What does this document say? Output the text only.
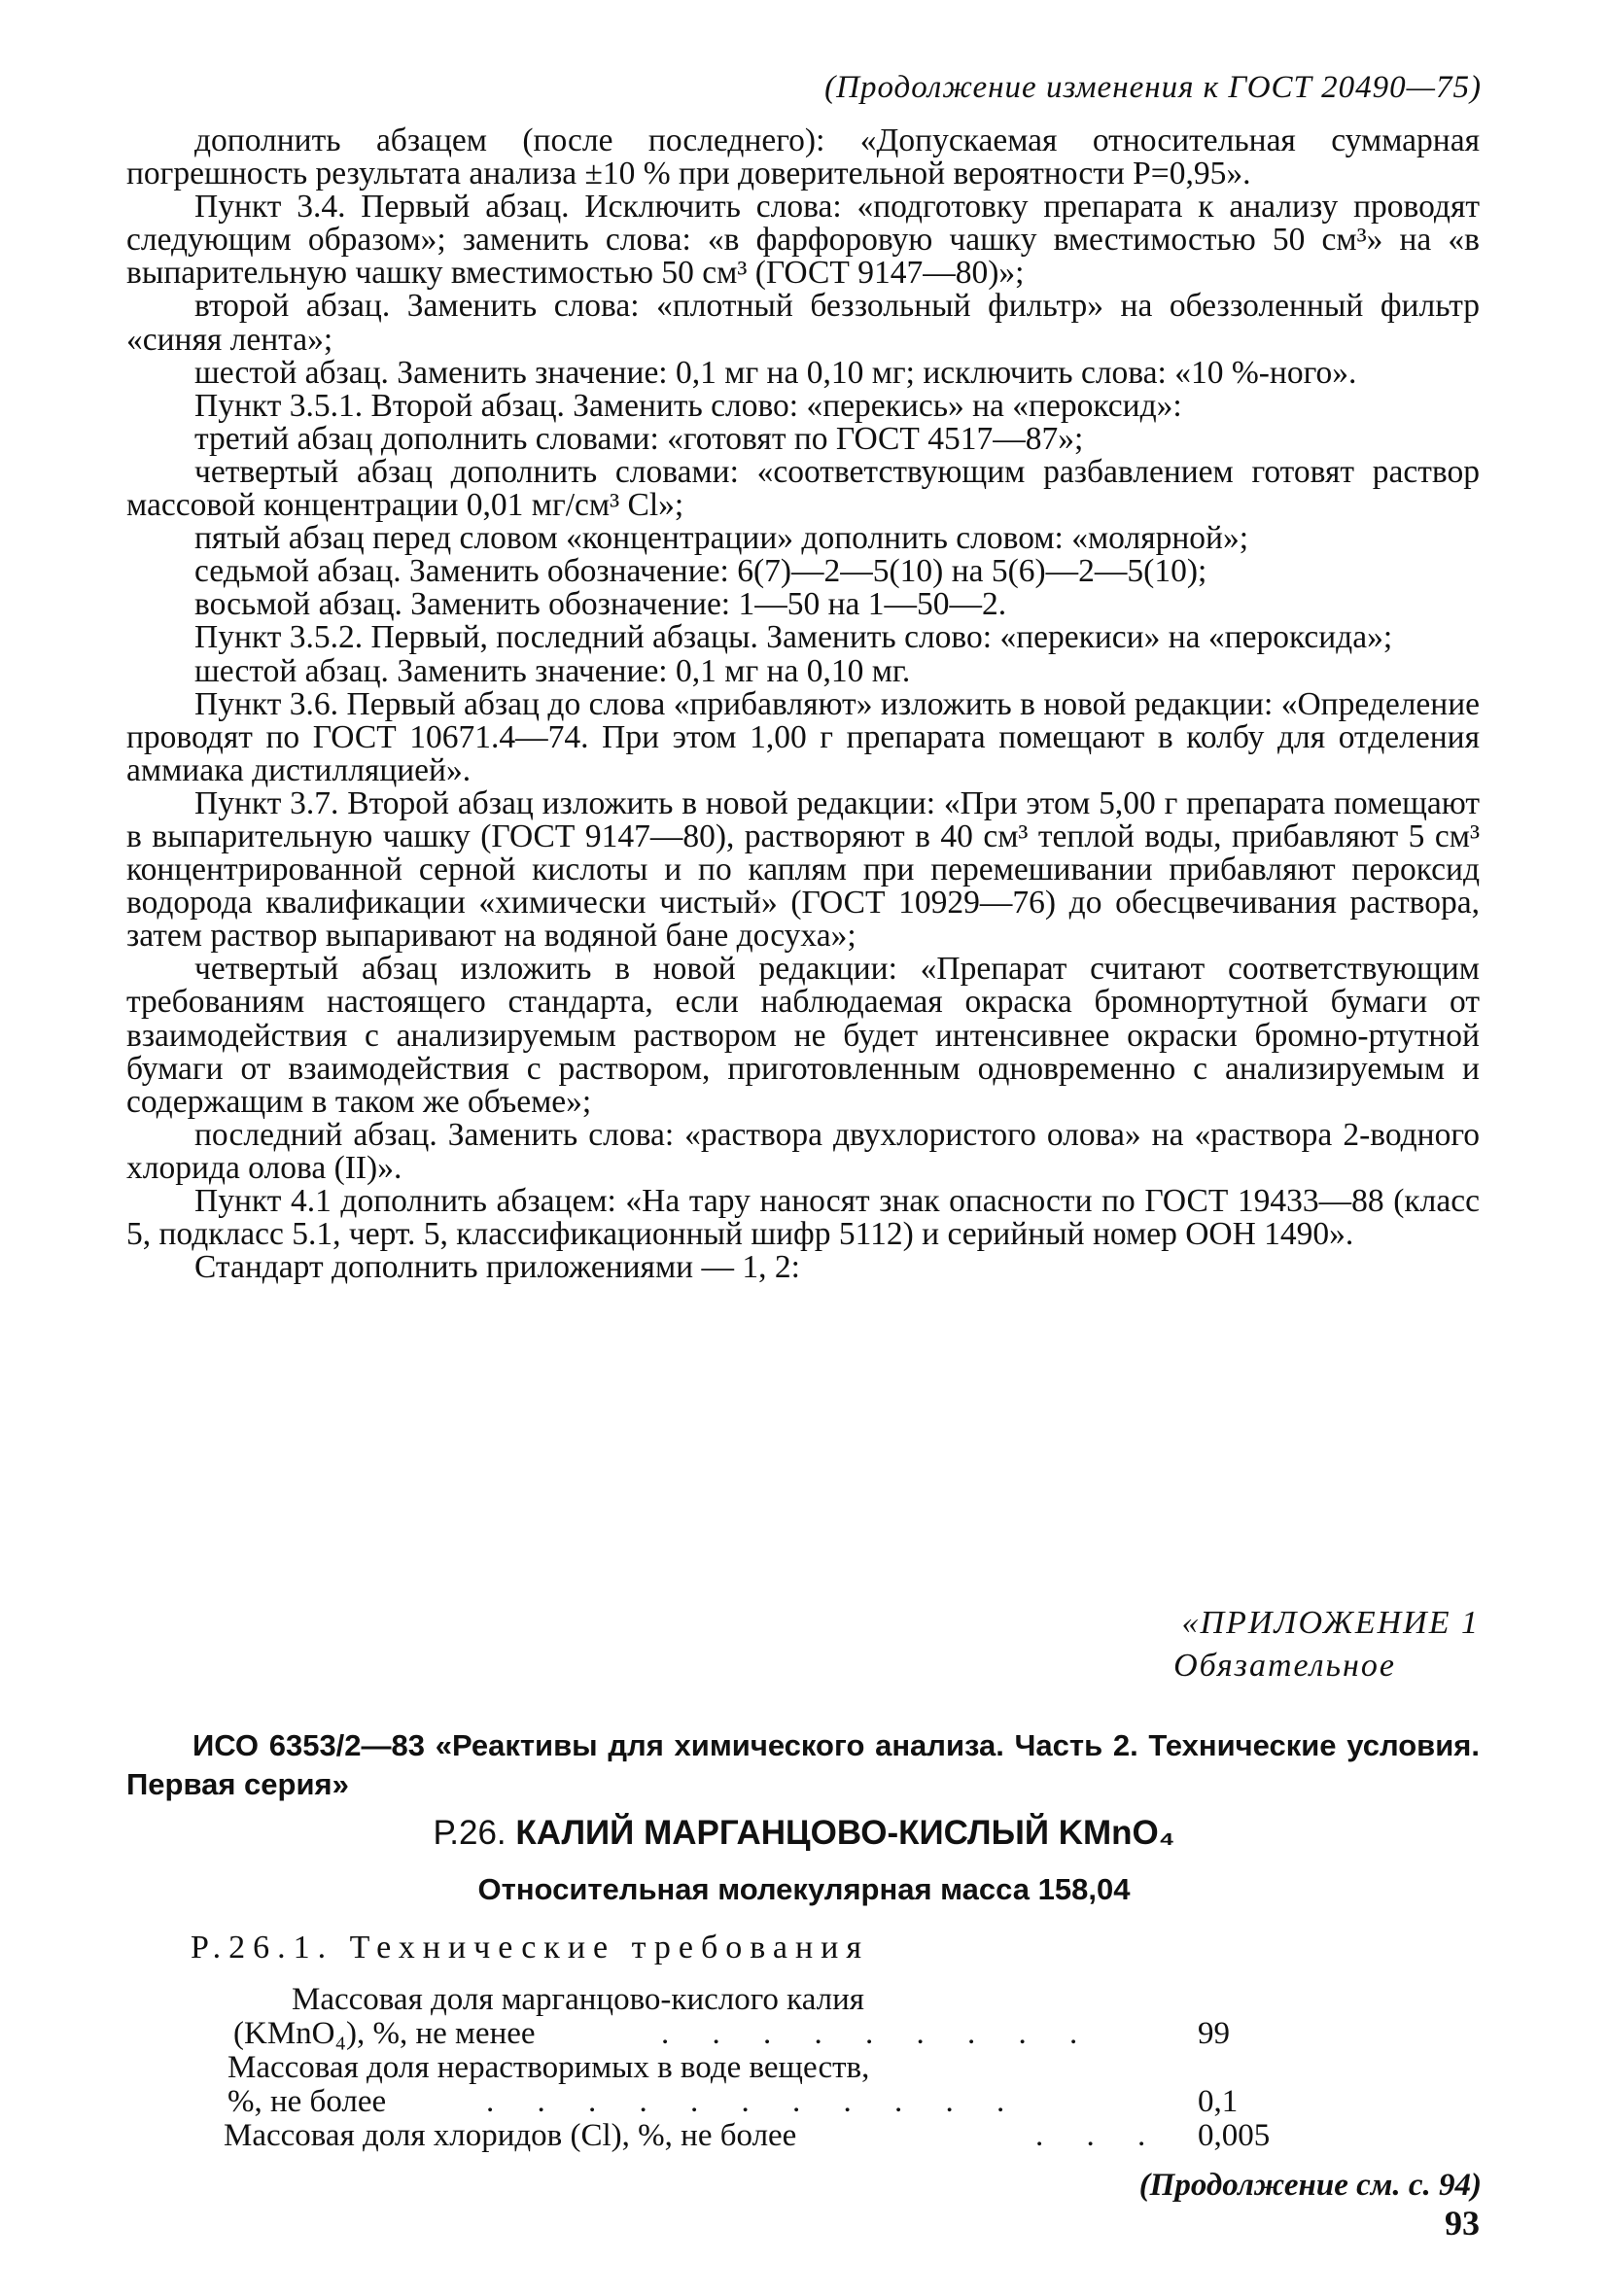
(Продолжение изменения к ГОСТ 20490—75)

дополнить абзацем (после последнего): «Допускаемая относительная суммарная погрешность результата анализа ±10 % при доверительной вероятности P=0,95».

Пункт 3.4. Первый абзац. Исключить слова: «подготовку препарата к анализу проводят следующим образом»; заменить слова: «в фарфоровую чашку вместимостью 50 см³» на «в выпарительную чашку вместимостью 50 см³ (ГОСТ 9147—80)»;

второй абзац. Заменить слова: «плотный беззольный фильтр» на обеззоленный фильтр «синяя лента»;

шестой абзац. Заменить значение: 0,1 мг на 0,10 мг; исключить слова: «10 %-ного».

Пункт 3.5.1. Второй абзац. Заменить слово: «перекись» на «пероксид»:

третий абзац дополнить словами: «готовят по ГОСТ 4517—87»;

четвертый абзац дополнить словами: «соответствующим разбавлением готовят раствор массовой концентрации 0,01 мг/см³ Cl»;

пятый абзац перед словом «концентрации» дополнить словом: «молярной»;

седьмой абзац. Заменить обозначение: 6(7)—2—5(10) на 5(6)—2—5(10);

восьмой абзац. Заменить обозначение: 1—50 на 1—50—2.

Пункт 3.5.2. Первый, последний абзацы. Заменить слово: «перекиси» на «пероксида»;

шестой абзац. Заменить значение: 0,1 мг на 0,10 мг.

Пункт 3.6. Первый абзац до слова «прибавляют» изложить в новой редакции: «Определение проводят по ГОСТ 10671.4—74. При этом 1,00 г препарата помещают в колбу для отделения аммиака дистилляцией».

Пункт 3.7. Второй абзац изложить в новой редакции: «При этом 5,00 г препарата помещают в выпарительную чашку (ГОСТ 9147—80), растворяют в 40 см³ теплой воды, прибавляют 5 см³ концентрированной серной кислоты и по каплям при перемешивании прибавляют пероксид водорода квалификации «химически чистый» (ГОСТ 10929—76) до обесцвечивания раствора, затем раствор выпаривают на водяной бане досуха»;

четвертый абзац изложить в новой редакции: «Препарат считают соответствующим требованиям настоящего стандарта, если наблюдаемая окраска бромнортутной бумаги от взаимодействия с анализируемым раствором не будет интенсивнее окраски бромно-ртутной бумаги от взаимодействия с раствором, приготовленным одновременно с анализируемым и содержащим в таком же объеме»;

последний абзац. Заменить слова: «раствора двухлористого олова» на «раствора 2-водного хлорида олова (II)».

Пункт 4.1 дополнить абзацем: «На тару наносят знак опасности по ГОСТ 19433—88 (класс 5, подкласс 5.1, черт. 5, классификационный шифр 5112) и серийный номер ООН 1490».

Стандарт дополнить приложениями — 1, 2:

«ПРИЛОЖЕНИЕ 1
Обязательное
ИСО 6353/2—83 «Реактивы для химического анализа. Часть 2. Технические условия. Первая серия»
Р.26. КАЛИЙ МАРГАНЦОВО-КИСЛЫЙ KMnO₄
Относительная молекулярная масса 158,04
Р.26.1. Технические требования
Массовая доля марганцово-кислого калия
(KMnO₄), %, не менее	. . . . . . . . .	99
Массовая доля нерастворимых в воде веществ,
%, не более	. . . . . . . . . . .	0,1
Массовая доля хлоридов (Cl), %, не более	. . . 0,005
(Продолжение см. с. 94)
93
